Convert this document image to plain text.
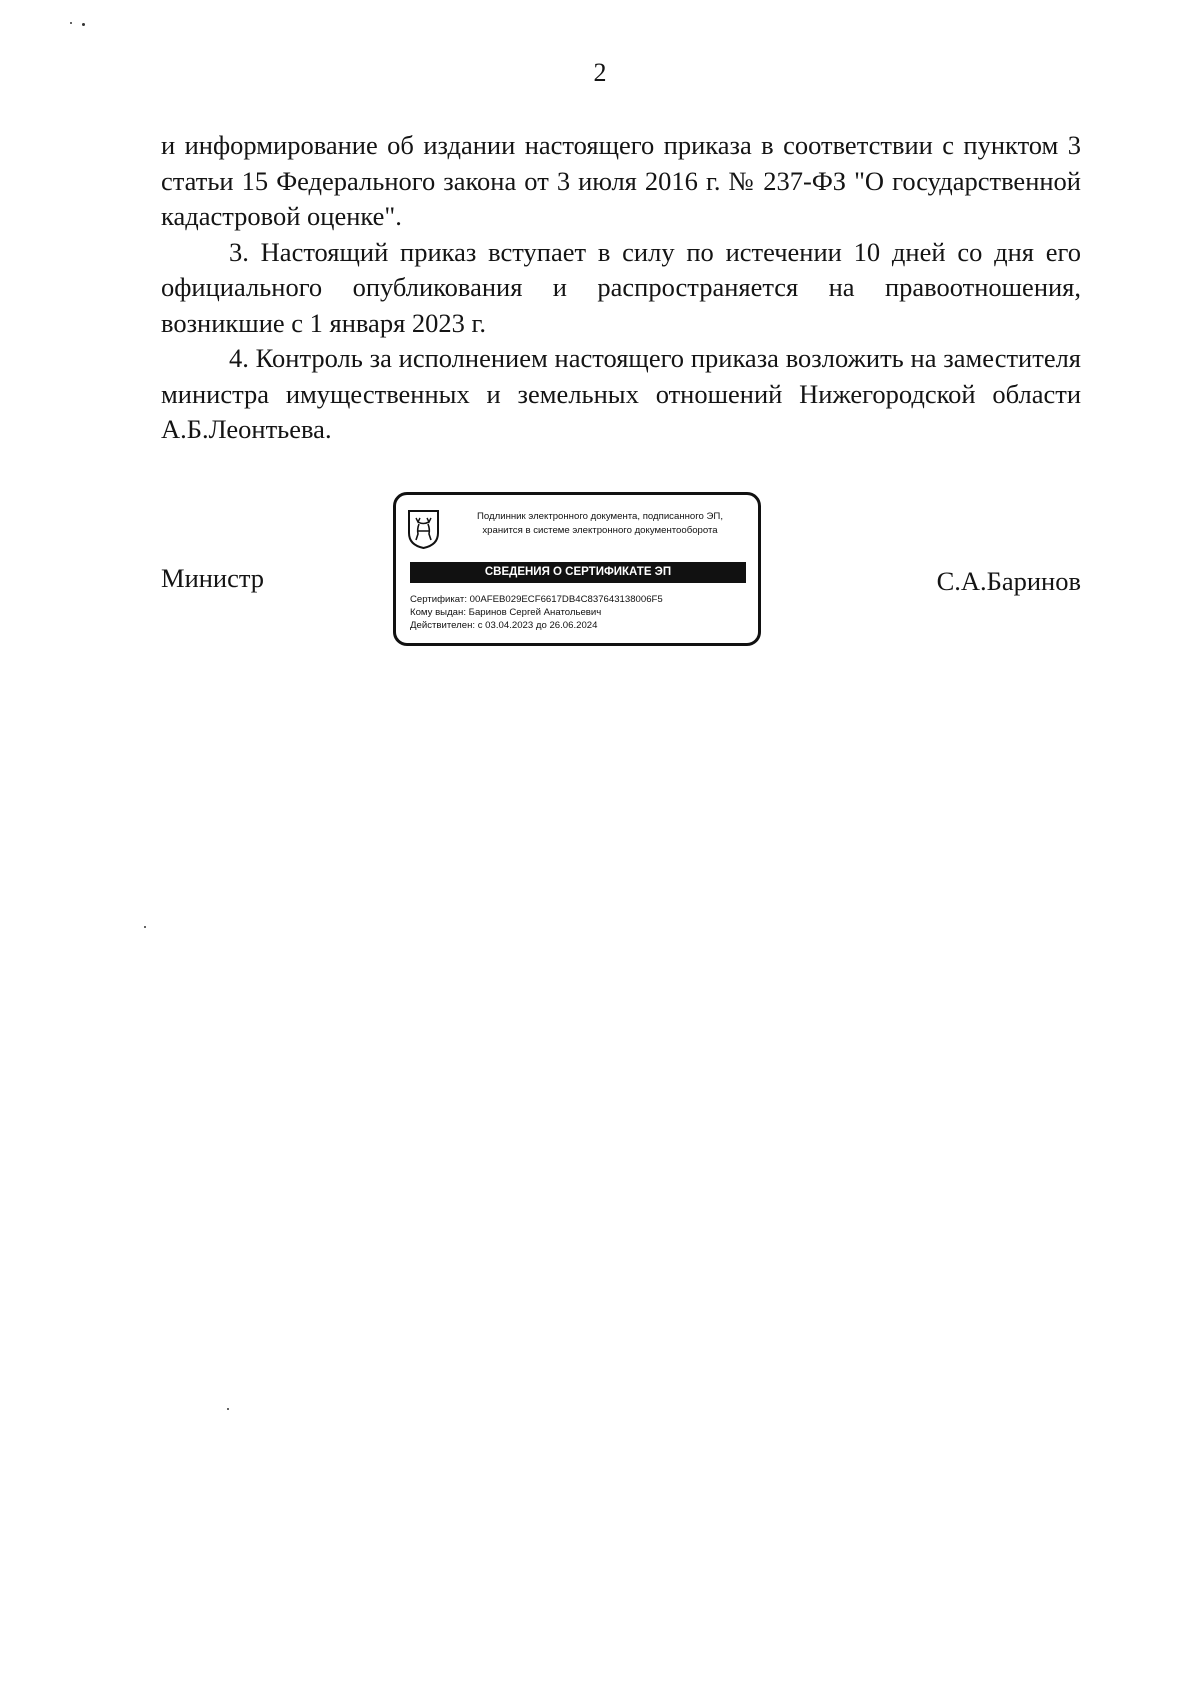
2

и информирование об издании настоящего приказа в соответствии с пунктом 3 статьи 15 Федерального закона от 3 июля 2016 г. № 237-ФЗ "О государственной кадастровой оценке".

3. Настоящий приказ вступает в силу по истечении 10 дней со дня его официального опубликования и распространяется на правоотношения, возникшие с 1 января 2023 г.

4. Контроль за исполнением настоящего приказа возложить на заместителя министра имущественных и земельных отношений Нижегородской области А.Б.Леонтьева.

Министр	С.А.Баринов
Подлинник электронного документа, подписанного ЭП,
хранится в системе электронного документооборота
СВЕДЕНИЯ О СЕРТИФИКАТЕ ЭП
Сертификат: 00AFEB029ECF6617DB4C837643138006F5
Кому выдан: Баринов Сергей Анатольевич
Действителен: с 03.04.2023 до 26.06.2024
